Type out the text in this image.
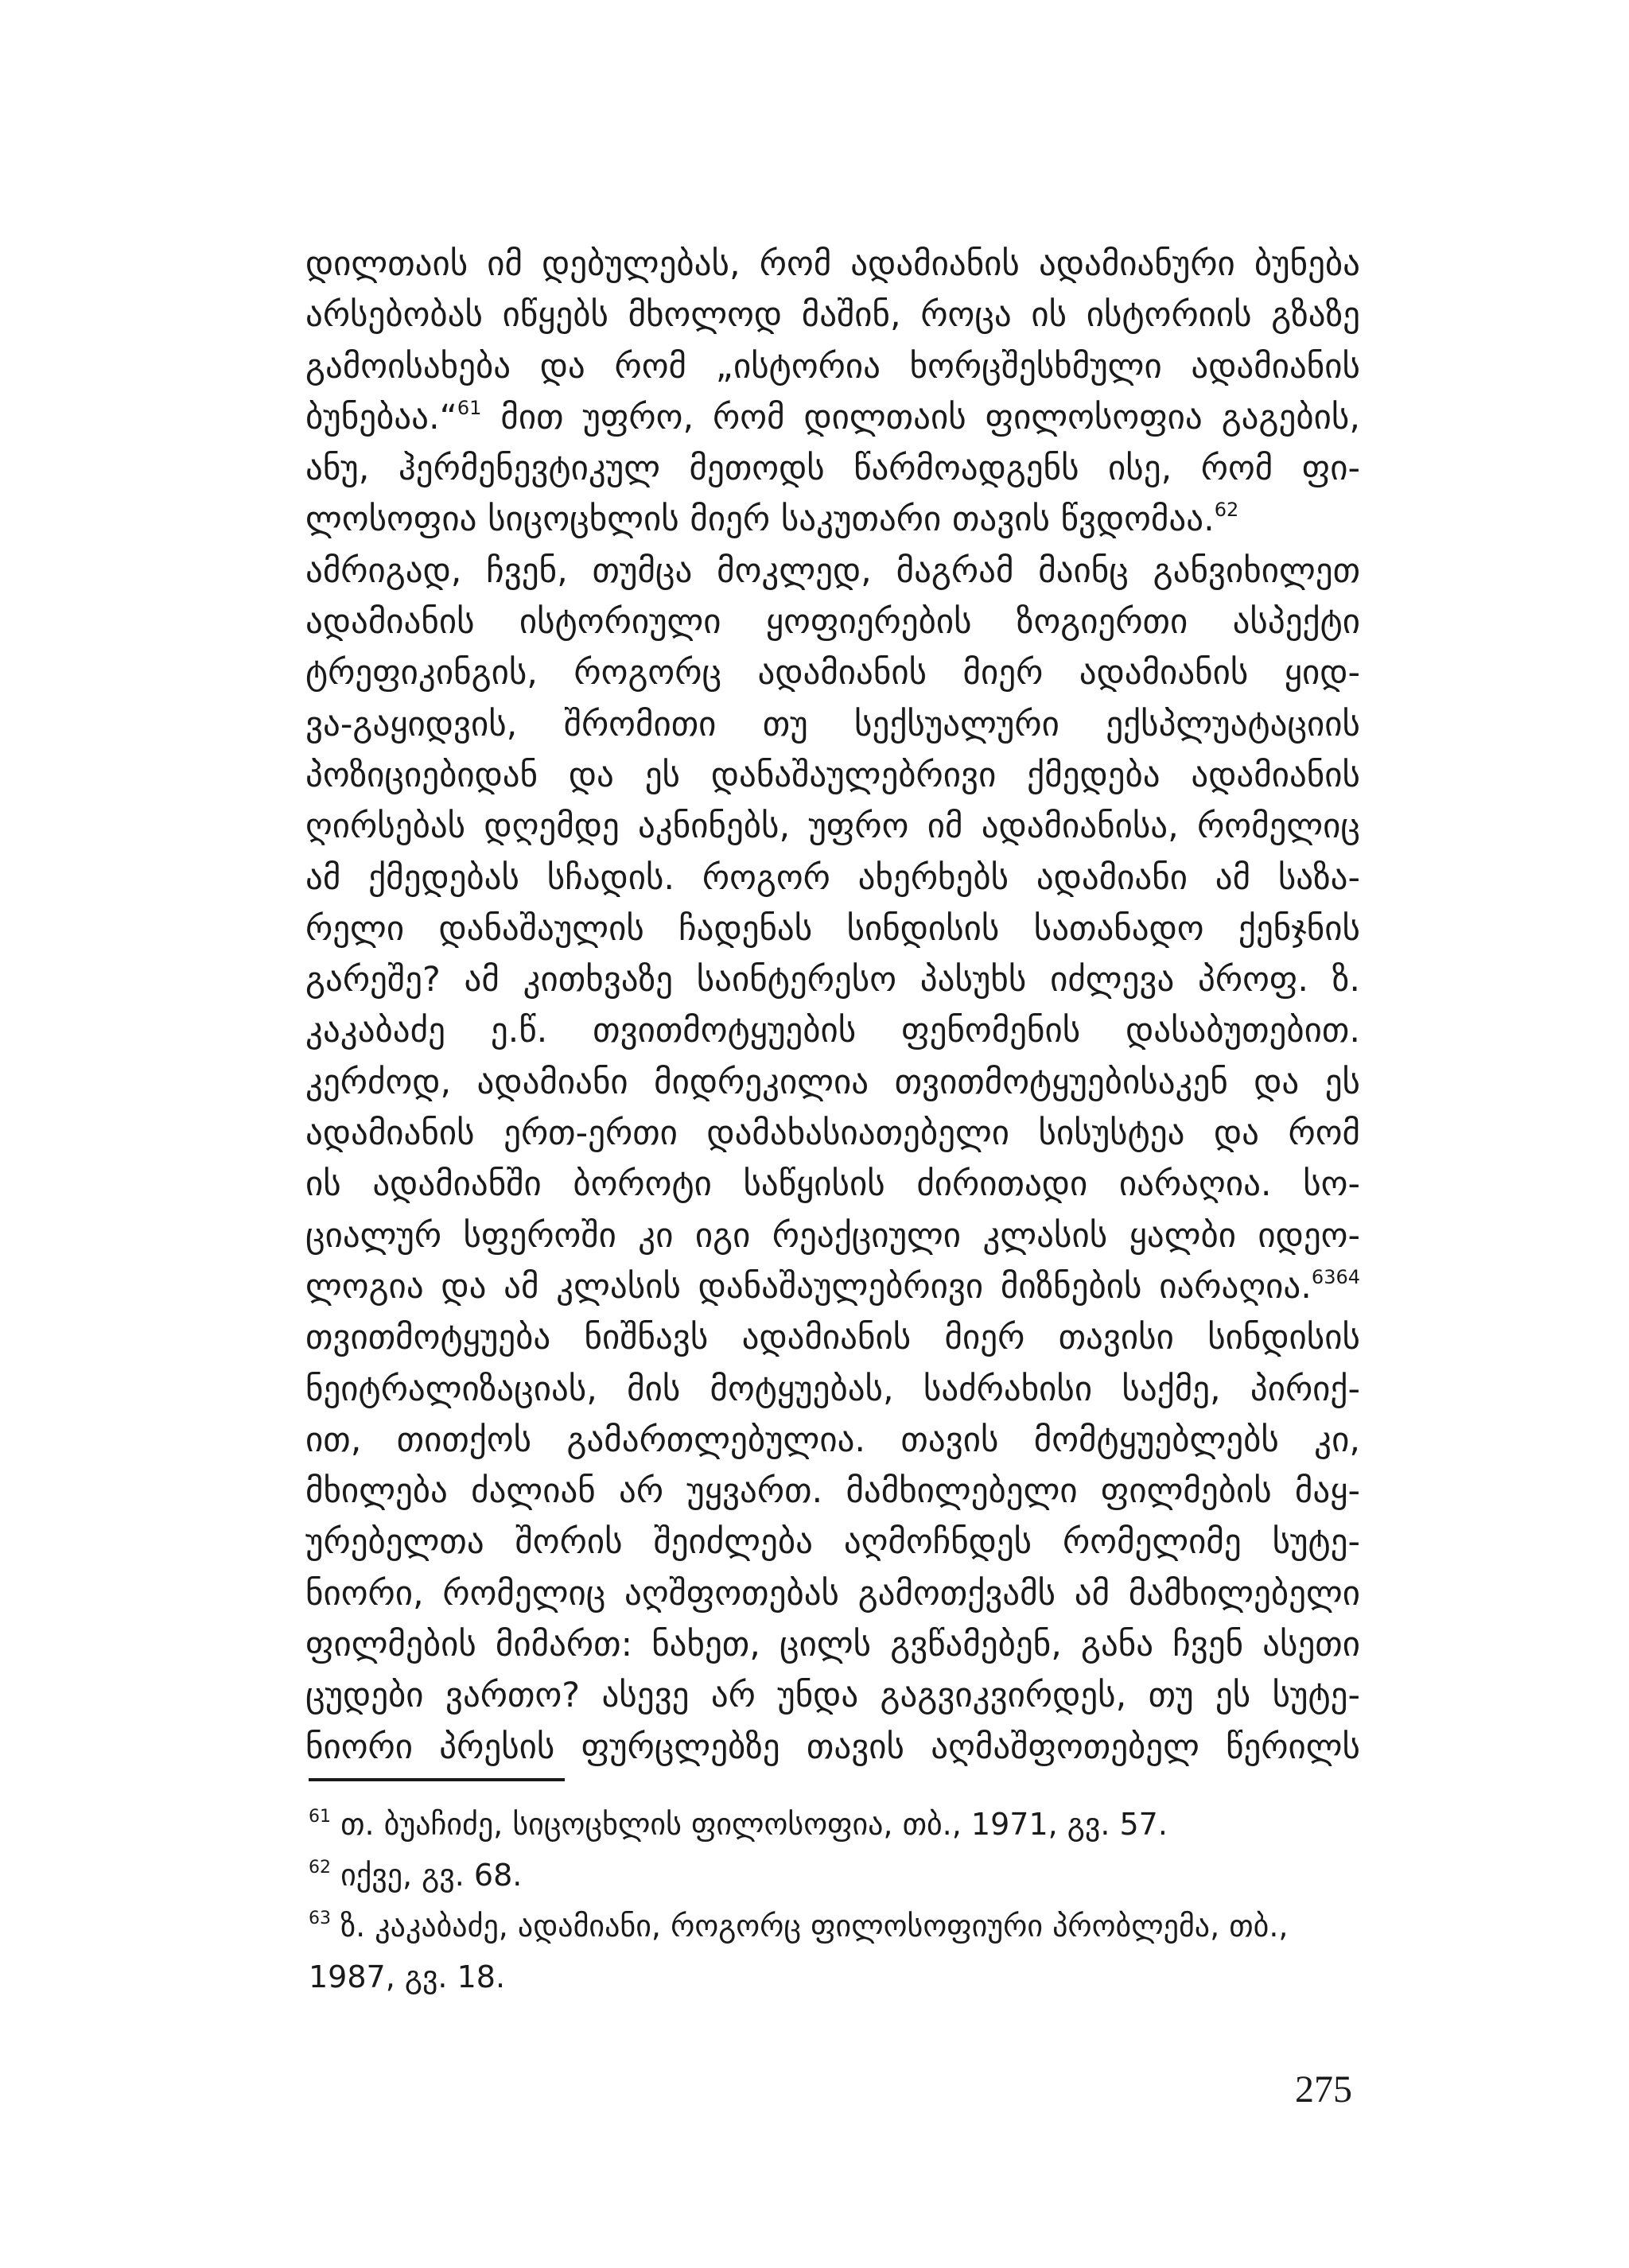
დილთაის იმ დებულებას, რომ ადამიანის ადამიანური ბუნება
არსებობას იწყებს მხოლოდ მაშინ, როცა ის ისტორიის გზაზე
გამოისახება და რომ „ისტორია ხორცშესხმული ადამიანის
ბუნებაა.“$^{61}$ მით უფრო, რომ დილთაის ფილოსოფია გაგების,
ანუ, ჰერმენევტიკულ მეთოდს წარმოადგენს ისე, რომ ფი-
ლოსოფია სიცოცხლის მიერ საკუთარი თავის წვდომაა.$^{62}$
ამრიგად, ჩვენ, თუმცა მოკლედ, მაგრამ მაინც განვიხილეთ
ადამიანის ისტორიული ყოფიერების ზოგიერთი ასპექტი
ტრეფიკინგის, როგორც ადამიანის მიერ ადამიანის ყიდ-
ვა-გაყიდვის, შრომითი თუ სექსუალური ექსპლუატაციის
პოზიციებიდან და ეს დანაშაულებრივი ქმედება ადამიანის
ღირსებას დღემდე აკნინებს, უფრო იმ ადამიანისა, რომელიც
ამ ქმედებას სჩადის. როგორ ახერხებს ადამიანი ამ საზა-
რელი დანაშაულის ჩადენას სინდისის სათანადო ქენჯნის
გარეშე? ამ კითხვაზე საინტერესო პასუხს იძლევა პროფ. ზ.
კაკაბაძე ე.წ. თვითმოტყუების ფენომენის დასაბუთებით.
კერძოდ, ადამიანი მიდრეკილია თვითმოტყუებისაკენ და ეს
ადამიანის ერთ-ერთი დამახასიათებელი სისუსტეა და რომ
ის ადამიანში ბოროტი საწყისის ძირითადი იარაღია. სო-
ციალურ სფეროში კი იგი რეაქციული კლასის ყალბი იდეო-
ლოგია და ამ კლასის დანაშაულებრივი მიზნების იარაღია.$^{6364}$
თვითმოტყუება ნიშნავს ადამიანის მიერ თავისი სინდისის
ნეიტრალიზაციას, მის მოტყუებას, საძრახისი საქმე, პირიქ-
ით, თითქოს გამართლებულია. თავის მომტყუებლებს კი,
მხილება ძალიან არ უყვართ. მამხილებელი ფილმების მაყ-
ურებელთა შორის შეიძლება აღმოჩნდეს რომელიმე სუტე-
ნიორი, რომელიც აღშფოთებას გამოთქვამს ამ მამხილებელი
ფილმების მიმართ: ნახეთ, ცილს გვწამებენ, განა ჩვენ ასეთი
ცუდები ვართო? ასევე არ უნდა გაგვიკვირდეს, თუ ეს სუტე-
ნიორი პრესის ფურცლებზე თავის აღმაშფოთებელ წერილს
$^{61}$ თ. ბუაჩიძე, სიცოცხლის ფილოსოფია, თბ., 1971, გვ. 57.
$^{62}$ იქვე, გვ. 68.
$^{63}$ ზ. კაკაბაძე, ადამიანი, როგორც ფილოსოფიური პრობლემა, თბ.,
1987, გვ. 18.
275
